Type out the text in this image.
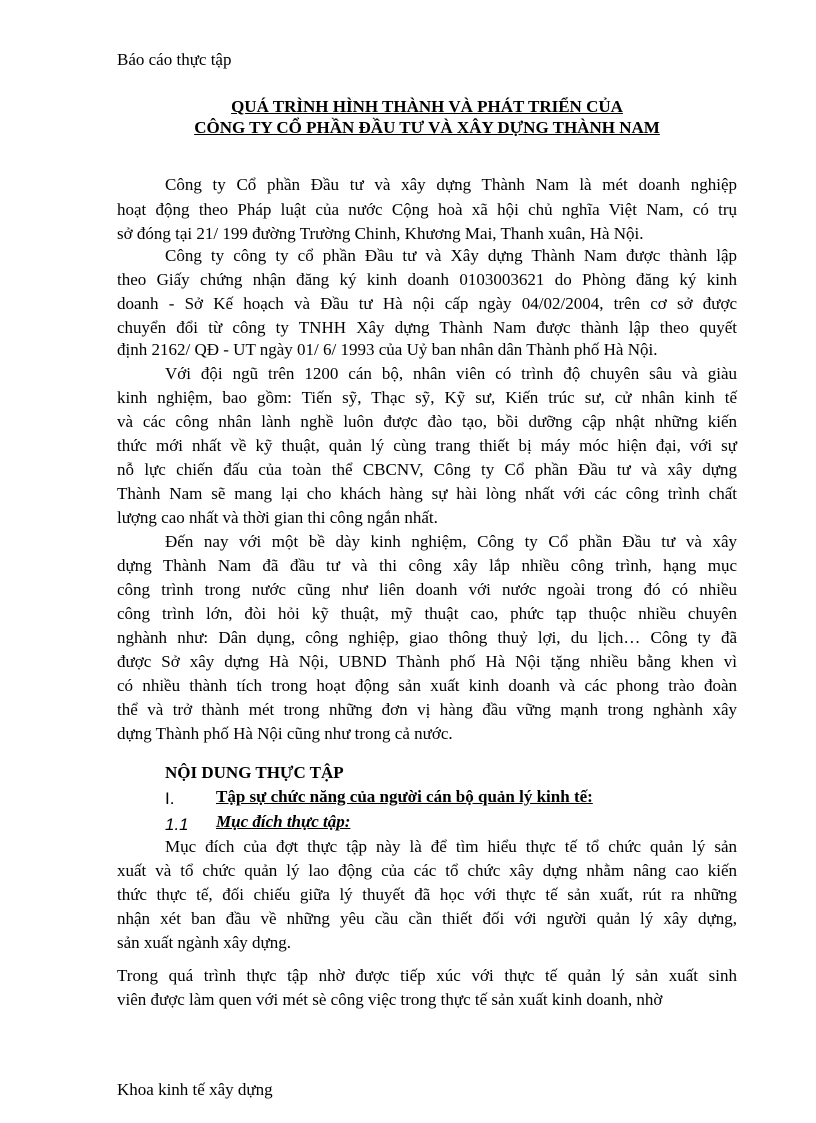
Báo cáo thực tập
QUÁ TRÌNH HÌNH THÀNH VÀ PHÁT TRIỂN CỦA
CÔNG TY CỔ PHẦN ĐẦU TƯ VÀ XÂY DỰNG THÀNH NAM
Công ty Cổ phần Đầu tư và xây dựng Thành Nam là mét doanh nghiệp
hoạt động theo Pháp luật của nước Cộng hoà xã hội chủ nghĩa Việt Nam, có trụ
sở đóng tại 21/ 199 đường Trường Chinh, Khương Mai, Thanh xuân, Hà Nội.
Công ty công ty cổ phần Đầu tư và Xây dựng Thành Nam được thành lập
theo Giấy chứng nhận đăng ký kinh doanh 0103003621 do Phòng đăng ký kinh
doanh - Sở Kế hoạch và Đầu tư Hà nội cấp ngày 04/02/2004, trên cơ sở được
chuyển đổi từ công ty TNHH Xây dựng Thành Nam được thành lập theo quyết
định 2162/ QĐ - UT ngày 01/ 6/ 1993 của Uỷ ban nhân dân Thành phố Hà Nội.
Với đội ngũ trên 1200 cán bộ, nhân viên có trình độ chuyên sâu và giàu
kinh nghiệm, bao gồm: Tiến sỹ, Thạc sỹ, Kỹ sư, Kiến trúc sư, cử nhân kinh tế
và các công nhân lành nghề luôn được đào tạo, bồi dưỡng cập nhật những kiến
thức mới nhất về kỹ thuật, quản lý cùng trang thiết bị máy móc hiện đại, với sự
nỗ lực chiến đấu của toàn thể CBCNV, Công ty Cổ phần Đầu tư và xây dựng
Thành Nam sẽ mang lại cho khách hàng sự hài lòng nhất với các công trình chất
lượng cao nhất và thời gian thi công ngắn nhất.
Đến nay với một bề dày kinh nghiệm, Công ty Cổ phần Đầu tư và xây
dựng Thành Nam đã đầu tư và thi công xây lắp nhiều công trình, hạng mục
công trình trong nước cũng như liên doanh với nước ngoài trong đó có nhiều
công trình lớn, đòi hỏi kỹ thuật, mỹ thuật cao, phức tạp thuộc nhiều chuyên
nghành như: Dân dụng, công nghiệp, giao thông thuỷ lợi, du lịch… Công ty đã
được Sở xây dựng Hà Nội, UBND Thành phố Hà Nội tặng nhiều bằng khen vì
có nhiều thành tích trong hoạt động sản xuất kinh doanh và các phong trào đoàn
thể và trở thành mét trong những đơn vị hàng đầu vững mạnh trong nghành xây
dựng Thành phố Hà Nội cũng như trong cả nước.
Mục đích của đợt thực tập này là để tìm hiểu thực tế tổ chức quản lý sản
xuất và tổ chức quản lý lao động của các tổ chức xây dựng nhằm nâng cao kiến
thức thực tế, đối chiếu giữa lý thuyết đã học với thực tế sản xuất, rút ra những
nhận xét ban đầu về những yêu cầu cần thiết đối với người quản lý xây dựng,
sản xuất ngành xây dựng.
Trong quá trình thực tập nhờ được tiếp xúc với thực tế quản lý sản xuất sinh
viên được làm quen với mét sè công việc trong thực tế sản xuất kinh doanh, nhờ
NỘI DUNG THỰC TẬP
I. Tập sự chức năng của người cán bộ quản lý kinh tế:
1.1 Mục đích thực tập:
Khoa kinh tế xây dựng
